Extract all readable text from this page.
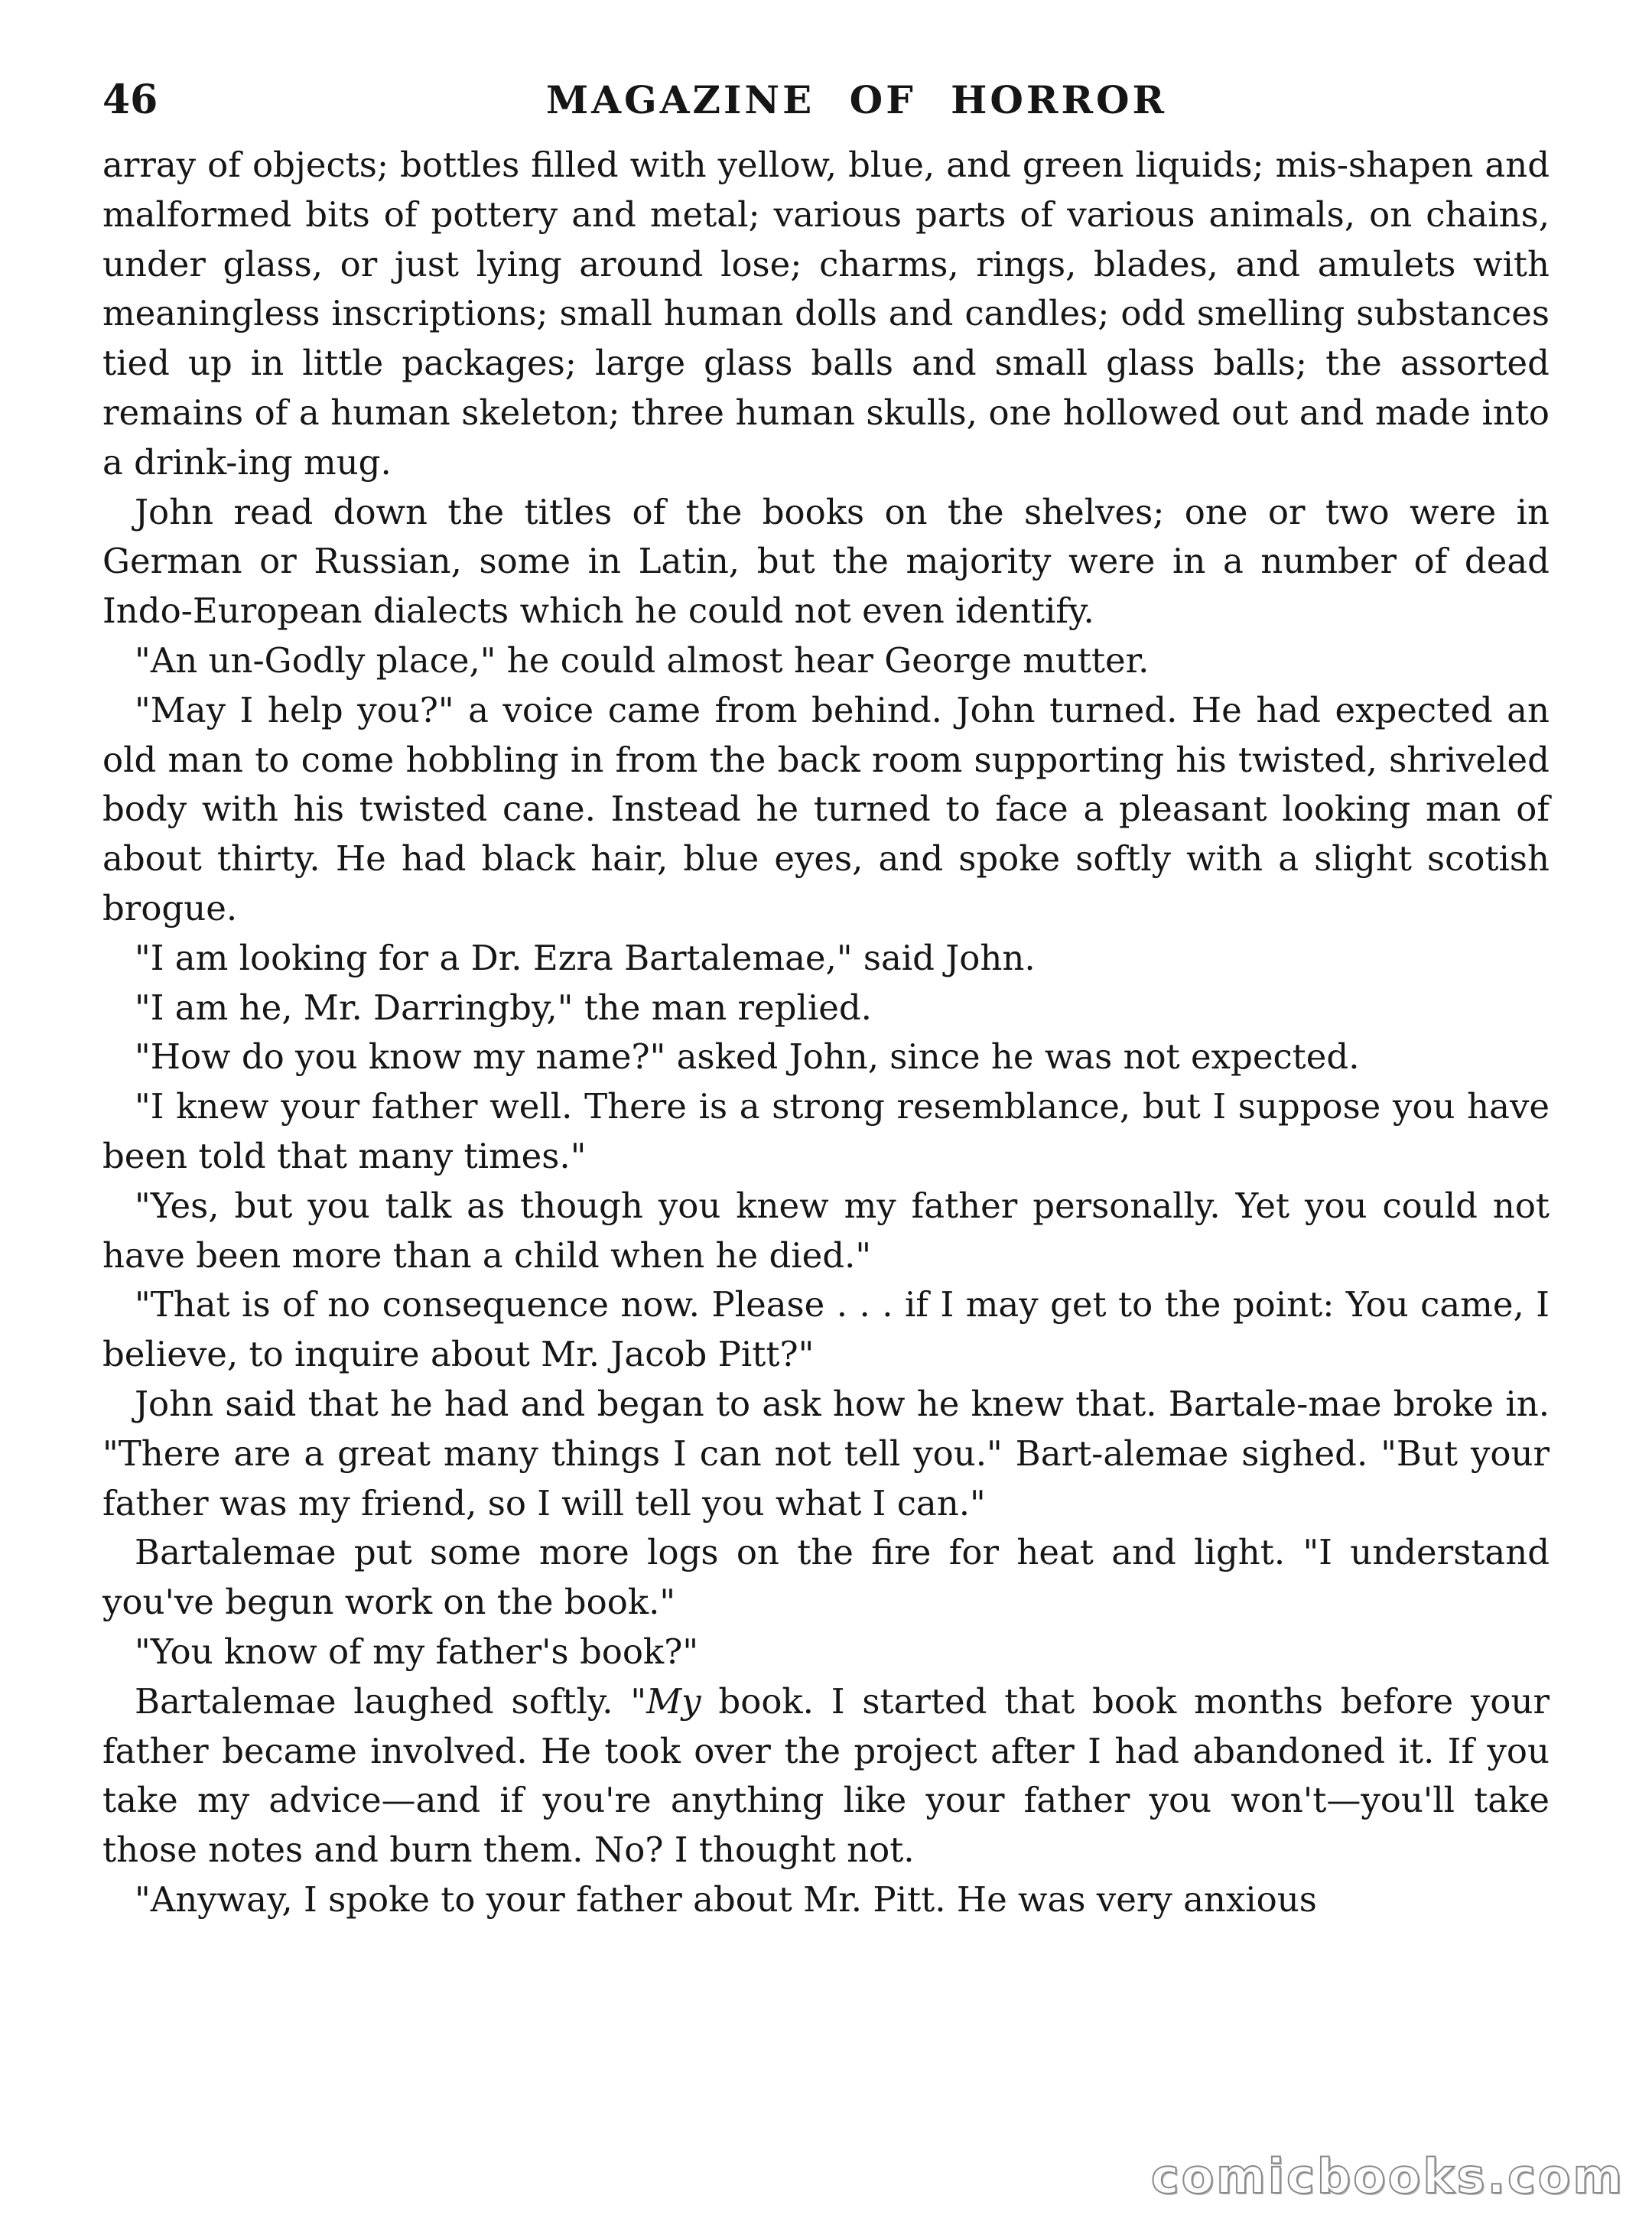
46	MAGAZINE OF HORROR

array of objects; bottles filled with yellow, blue, and green liquids; mis-shapen and malformed bits of pottery and metal; various parts of various animals, on chains, under glass, or just lying around lose; charms, rings, blades, and amulets with meaningless inscriptions; small human dolls and candles; odd smelling substances tied up in little packages; large glass balls and small glass balls; the assorted remains of a human skeleton; three human skulls, one hollowed out and made into a drink-ing mug.

John read down the titles of the books on the shelves; one or two were in German or Russian, some in Latin, but the majority were in a number of dead Indo-European dialects which he could not even identify.

"An un-Godly place," he could almost hear George mutter.

"May I help you?" a voice came from behind. John turned. He had expected an old man to come hobbling in from the back room supporting his twisted, shriveled body with his twisted cane. Instead he turned to face a pleasant looking man of about thirty. He had black hair, blue eyes, and spoke softly with a slight scotish brogue.

"I am looking for a Dr. Ezra Bartalemae," said John.

"I am he, Mr. Darringby," the man replied.

"How do you know my name?" asked John, since he was not expected.

"I knew your father well. There is a strong resemblance, but I suppose you have been told that many times."

"Yes, but you talk as though you knew my father personally. Yet you could not have been more than a child when he died."

"That is of no consequence now. Please . . . if I may get to the point: You came, I believe, to inquire about Mr. Jacob Pitt?"

John said that he had and began to ask how he knew that. Bartale-mae broke in. "There are a great many things I can not tell you." Bart-alemae sighed. "But your father was my friend, so I will tell you what I can."

Bartalemae put some more logs on the fire for heat and light. "I understand you've begun work on the book."

"You know of my father's book?"

Bartalemae laughed softly. "My book. I started that book months before your father became involved. He took over the project after I had abandoned it. If you take my advice—and if you're anything like your father you won't—you'll take those notes and burn them. No? I thought not.

"Anyway, I spoke to your father about Mr. Pitt. He was very anxious

comicbooks.com
